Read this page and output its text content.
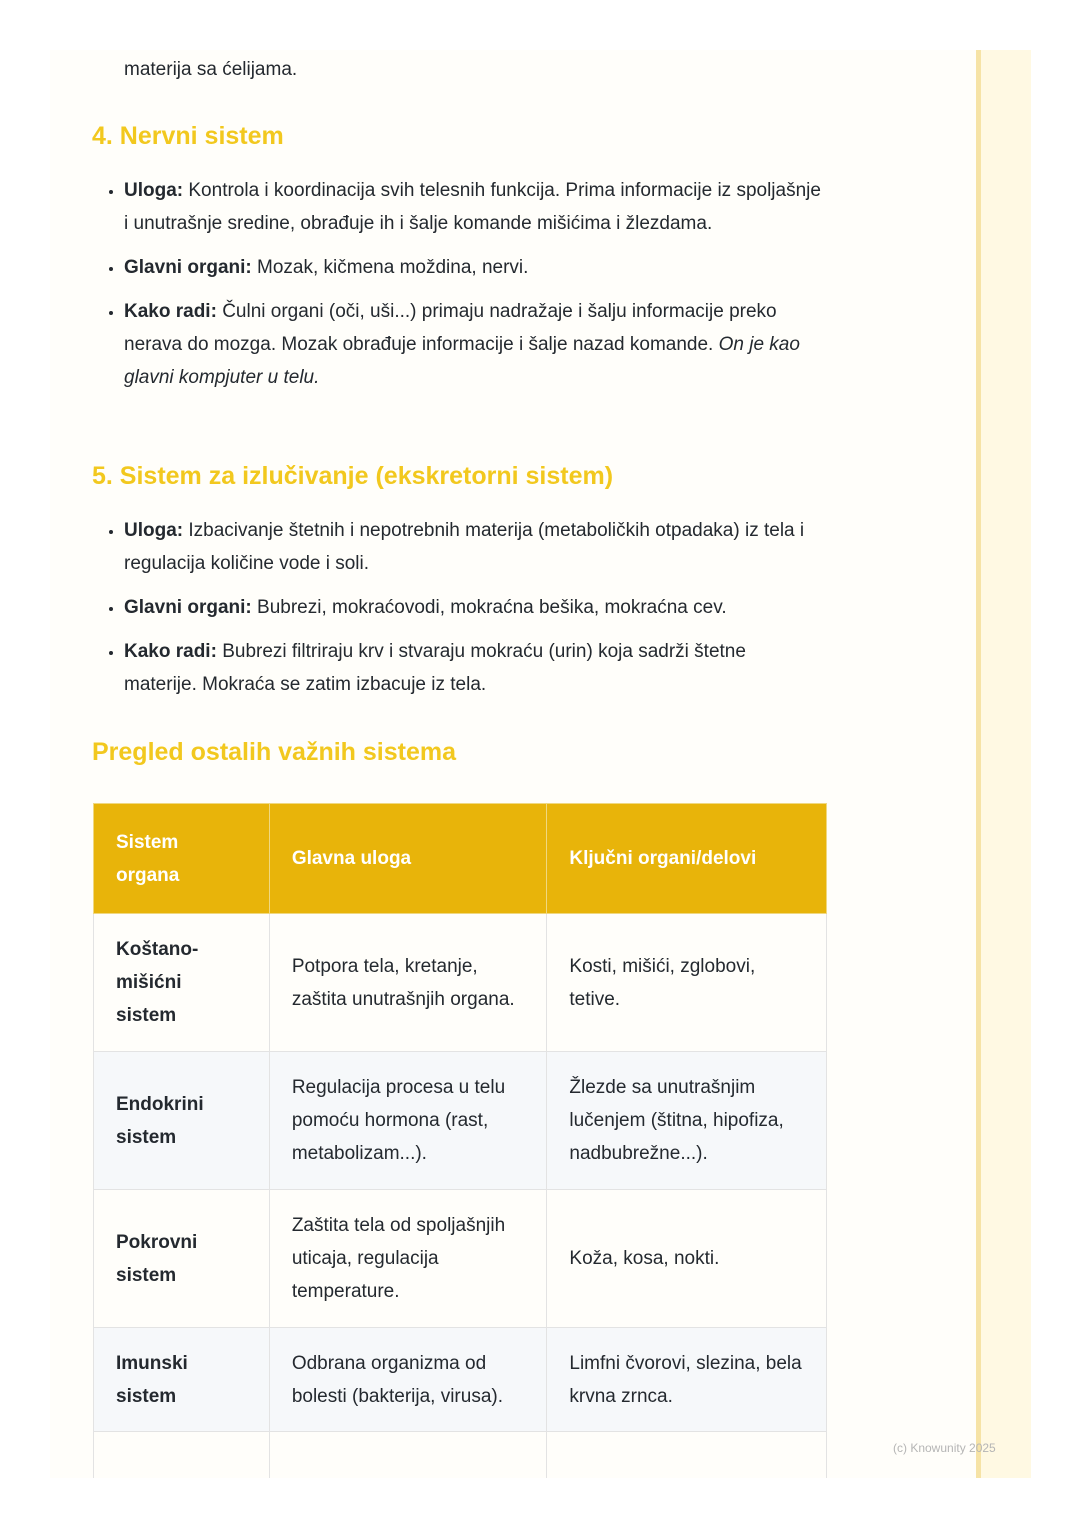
materija sa ćelijama.

4. Nervni sistem
• Uloga: Kontrola i koordinacija svih telesnih funkcija. Prima informacije iz spoljašnje i unutrašnje sredine, obrađuje ih i šalje komande mišićima i žlezdama.
• Glavni organi: Mozak, kičmena moždina, nervi.
• Kako radi: Čulni organi (oči, uši...) primaju nadražaje i šalju informacije preko nerava do mozga. Mozak obrađuje informacije i šalje nazad komande. On je kao glavni kompjuter u telu.
5. Sistem za izlučivanje (ekskretorni sistem)
• Uloga: Izbacivanje štetnih i nepotrebnih materija (metaboličkih otpadaka) iz tela i regulacija količine vode i soli.
• Glavni organi: Bubrezi, mokraćovodi, mokraćna bešika, mokraćna cev.
• Kako radi: Bubrezi filtriraju krv i stvaraju mokraću (urin) koja sadrži štetne materije. Mokraća se zatim izbacuje iz tela.
Pregled ostalih važnih sistema
Sistem organa	Glavna uloga	Ključni organi/delovi
Koštano-mišićni sistem	Potpora tela, kretanje, zaštita unutrašnjih organa.	Kosti, mišići, zglobovi, tetive.
Endokrini sistem	Regulacija procesa u telu pomoću hormona (rast, metabolizam...).	Žlezde sa unutrašnjim lučenjem (štitna, hipofiza, nadbubrežne...).
Pokrovni sistem	Zaštita tela od spoljašnjih uticaja, regulacija temperature.	Koža, kosa, nokti.
Imunski sistem	Odbrana organizma od bolesti (bakterija, virusa).	Limfni čvorovi, slezina, bela krvna zrnca.

(c) Knowunity 2025
